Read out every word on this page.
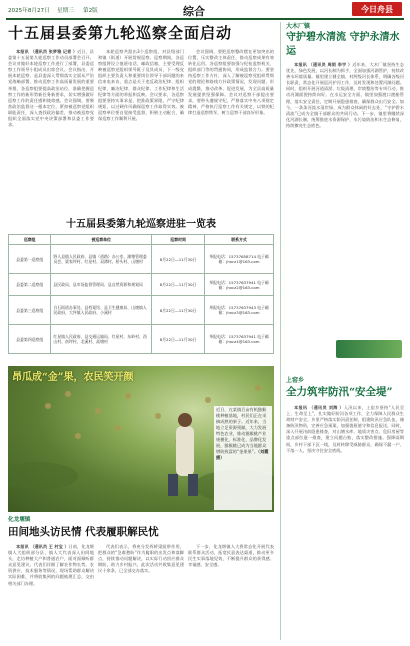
2025年8月27日 星期三 第2版	综合	今日舟县
十五届县委第九轮巡察全面启动

本报讯 （通讯员 张梦雅 记者 ）近日，县委第十五届第九轮巡察工作动员部署会召开。会议对做好本轮巡察工作进行了部署，县委巡察工作领导小组成员出席会议。会议指出，开展本轮巡察，是县委深入贯彻落实全面从严治党战略部署、推动巡察工作高质量发展的重要举措。各巡察组要提高政治站位，准确把握巡察工作的新形势新任务新要求，切实增强做好巡察工作的责任感和使命感。会议强调，要聚焦政治监督这一根本定位，紧扣被巡察党组织职能责任，深入查找政治偏差，推动被巡察党组织全面落实党中央决策部署和县委工作要求。

本轮巡察共派出3个巡察组，对县级部门和镇（街道）开展常规巡察。巡察期间，各巡察组将设立值班电话、邮政信箱，主要受理反映被巡察党组织领导班子及其成员、下一级党组织主要负责人和重要岗位领导干部问题的来信来电来访，重点是关于违反政治纪律、组织纪律、廉洁纪律、群众纪律、工作纪律和生活纪律等方面的举报和反映。会议要求，各巡察组要坚持实事求是，把准政策界限，严守纪律规矩，以过硬作风确保巡察工作取得实效。被巡察单位要自觉接受监督，积极主动配合，确保巡察工作顺利开展。

会议强调，要把巡察整改摆在更加突出的位置，压实整改主体责任，推动巡察成果有效转化运用。各巡察组要加强与纪检监察机关、组织部门等的贯通协同，形成监督合力。要坚持巡察工作方针，深入了解被巡察党组织贯彻党的理论和路线方针政策情况，发现问题、形成震慑，推动改革、促进发展，为全县高质量发展提供坚强保障。会议对巡察干部提出要求，要带头遵规守纪，严格落实中央八项规定精神，严格执行巡察工作有关规定，以铁的纪律打造巡察铁军，树立巡察干部良好形象。

大木厂镇
守护碧水清流 守护永清水运

本报讯 （通讯员 周雨 李宇 ）近年来，大木厂镇坚持生态优先、绿色发展，以河长制为抓手，全面加强河湖管护，持续改善水环境质量。镇里建立健全镇、村两级河长体系，明确各级河长职责，常态化开展巡河护河工作，及时发现和处置河湖问题。同时，组织开展河道清淤、垃圾清理、岸坡整治等专项行动，推动河湖面貌持续向好。在水运安全方面，镇里加强渡口渡船管理，落实安全责任，定期开展隐患排查，确保群众出行安全。如今，一条条河流水清岸绿，成为群众休闲的好去处，“守护碧水清流”已成为全镇干部群众的共同行动。下一步，镇里将继续深化河湖长制，统筹推进水资源保护、水污染防治和水生态修复，持续擦亮生态底色。

上窑乡
全力筑牢防汛“安全堤”

本报讯 （通讯员 刘海 ）入汛以来，上窑乡坚持“人民至上、生命至上”，扎实做好防汛各项工作，全力保障人民群众生命财产安全。乡里严格落实防汛责任制，组建防汛应急队伍，储备防汛物资，完善应急预案，加强值班值守和信息报送。同时，深入开展汛前隐患排查，对山塘水库、地质灾害点、危旧房屋等重点部位逐一排查，建立问题台账，落实整改措施。强降雨期间，乡村干部下沉一线，及时转移受威胁群众，确保不漏一户、不落一人，坚决守住安全底线。

十五届县委第九轮巡察进驻一览表
巡察组	被巡察单位	巡察时间	联系方式
县委第一巡察组	野人县镇人民政府、县镇（道路）办公室、湖塘管理委员会、梁家坪村、红星村、双潭村、桥头村、山塘村	8月22日—11月30日	举报电话：15737658714 电子邮箱：jhxcz1@163.com
县委第二巡察组	县民政局、县市场监督管理局、县自然资源和规划局	8月22日—11月30日	举报电话：15737637941 电子邮箱：jhxcz2@163.com
县委第三巡察组	白石街道办事处、县档案馆、县卫生健康局、山塘镇人民政府、大坪镇人民政府、小溪村	8月22日—11月30日	举报电话：15737637943 电子邮箱：jhxcz3@163.com
县委第四巡察组	红星镇人民政府、县交通运输局、红星村、东岭村、西山村、南坪村、北溪村、高塘村	8月22日—11月30日	举报电话：15737637941 电子邮箱：jhxcz4@163.com
昂瓜成“金”果，农民笑开颜
近日，在某镇百亩有机猕猴桃种植基地，村民们正在采摘成熟的果子。近年来，当地立足资源禀赋，大力发展特色农业，推动猕猴桃产业规模化、标准化、品牌化发展，猕猴桃已成为当地群众增收致富的“金果果”。（刘霞 摄）
化龙堰镇
田间地头访民情 代表履职解民忧

本报讯 （通讯员 王 村宝 ）日前，化龙堰镇人大组织部分县、镇人大代表深入田间地头，走访种植大户和普通农户，面对面倾听群众意见建议。代表们详细了解农作物长势、农资供应、技术服务等情况，现场帮助群众解决实际困难，并将收集到的问题梳理汇总，交由相关部门办理。

代表们表示，将充分发挥桥梁纽带作用，把群众的“急难愁盼”作为履职的出发点和落脚点，持续推动问题解决，以实际行动回应群众期盼，助力乡村振兴。此次活动共收集意见建议十余条，已全部交办落实。

下一步，化龙堰镇人大将常态化开展代表联系群众活动，拓宽民意表达渠道，推动更多民生实事落地见效，不断提升群众的获得感、幸福感、安全感。
